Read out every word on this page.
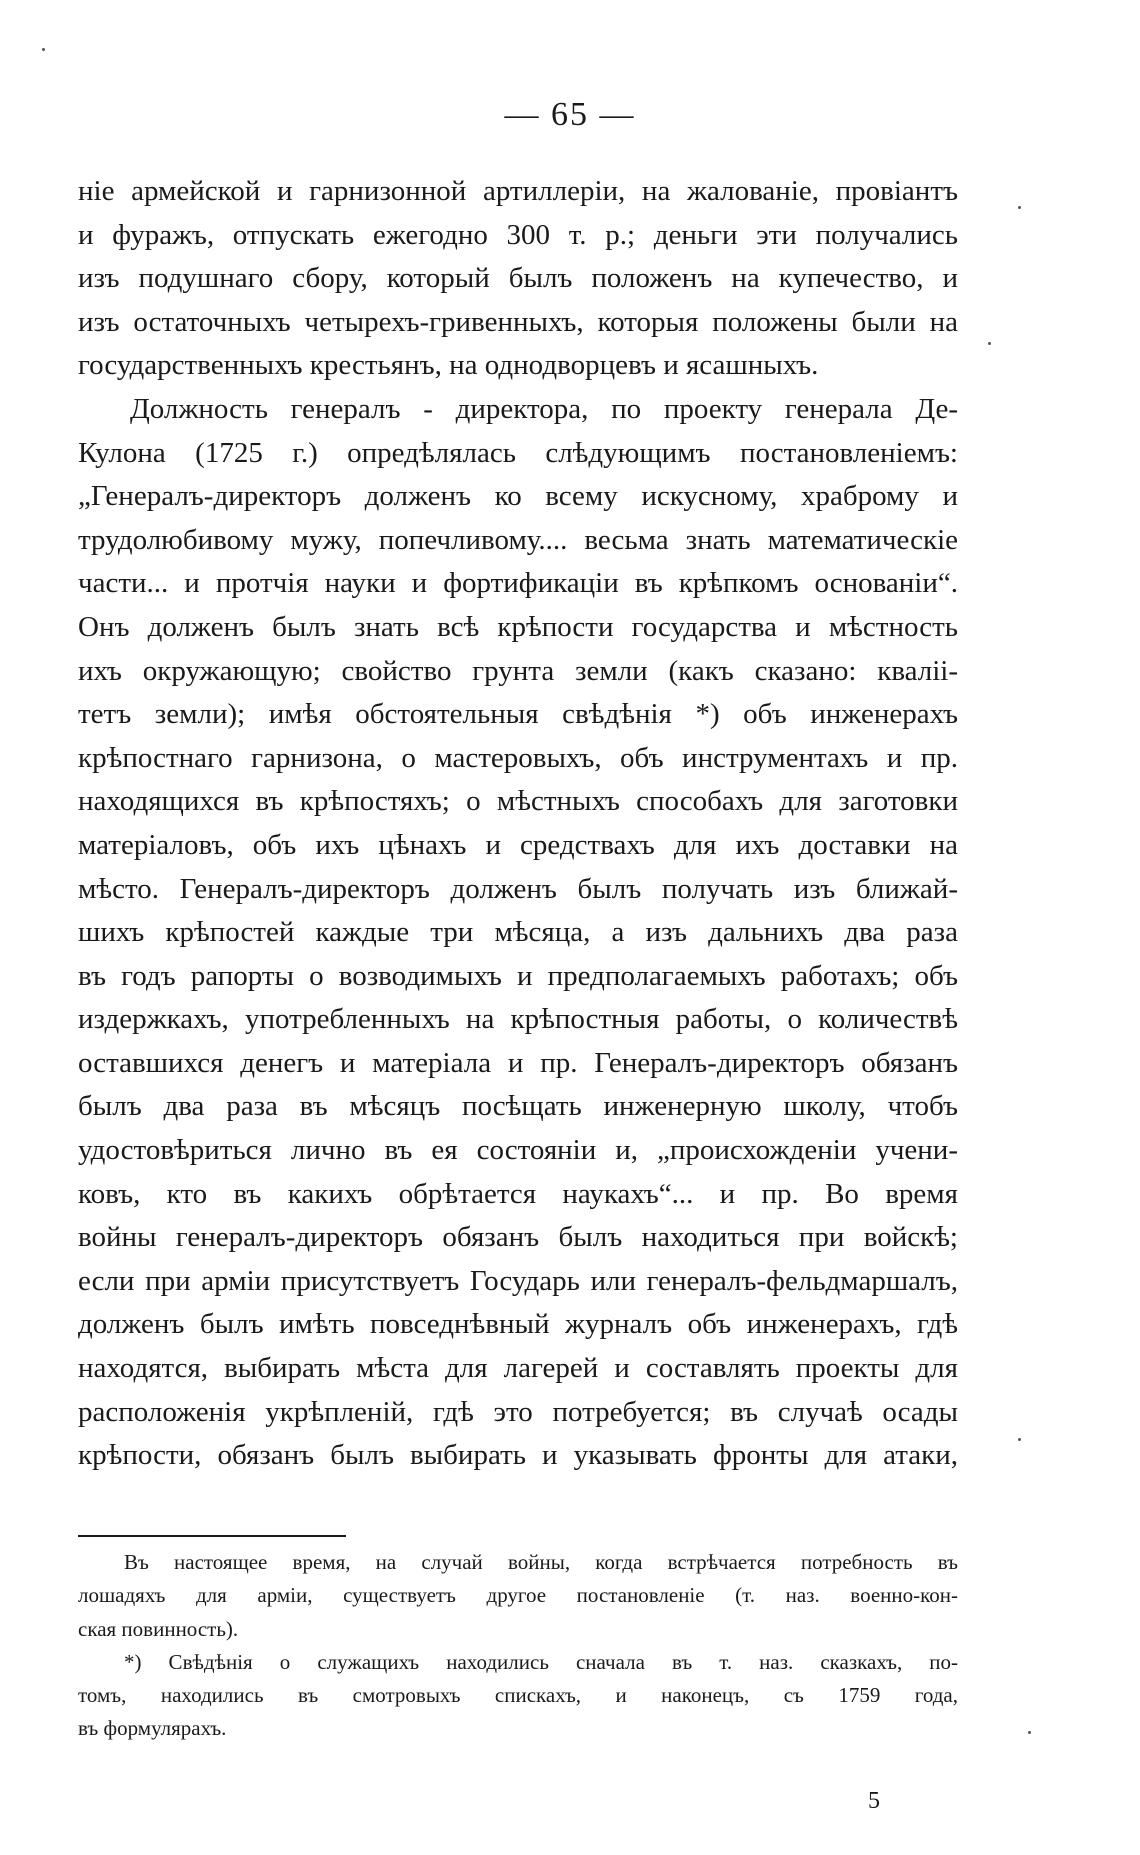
— 65 —
ніе армейской и гарнизонной артиллеріи, на жалованіе, провіантъ
и фуражъ, отпускать ежегодно 300 т. р.; деньги эти получались
изъ подушнаго сбору, который былъ положенъ на купечество, и
изъ остаточныхъ четырехъ-гривенныхъ, которыя положены были на
государственныхъ крестьянъ, на однодворцевъ и ясашныхъ.
Должность генералъ - директора, по проекту генерала Де-
Кулона (1725 г.) опредѣлялась слѣдующимъ постановленіемъ:
„Генералъ-директоръ долженъ ко всему искусному, храброму и
трудолюбивому мужу, попечливому.... весьма знать математическіе
части... и протчія науки и фортификаціи въ крѣпкомъ основаніи“.
Онъ долженъ былъ знать всѣ крѣпости государства и мѣстность
ихъ окружающую; свойство грунта земли (какъ сказано: кваліі-
тетъ земли); имѣя обстоятельныя свѣдѣнія *) объ инженерахъ
крѣпостнаго гарнизона, о мастеровыхъ, объ инструментахъ и пр.
находящихся въ крѣпостяхъ; о мѣстныхъ способахъ для заготовки
матеріаловъ, объ ихъ цѣнахъ и средствахъ для ихъ доставки на
мѣсто. Генералъ-директоръ долженъ былъ получать изъ ближай-
шихъ крѣпостей каждые три мѣсяца, а изъ дальнихъ два раза
въ годъ рапорты о возводимыхъ и предполагаемыхъ работахъ; объ
издержкахъ, употребленныхъ на крѣпостныя работы, о количествѣ
оставшихся денегъ и матеріала и пр. Генералъ-директоръ обязанъ
былъ два раза въ мѣсяцъ посѣщать инженерную школу, чтобъ
удостовѣриться лично въ ея состояніи и, „происхожденіи учени-
ковъ, кто въ какихъ обрѣтается наукахъ“... и пр. Во время
войны генералъ-директоръ обязанъ былъ находиться при войскѣ;
если при арміи присутствуетъ Государь или генералъ-фельдмаршалъ,
долженъ былъ имѣть повседнѣвный журналъ объ инженерахъ, гдѣ
находятся, выбирать мѣста для лагерей и составлять проекты для
расположенія укрѣпленій, гдѣ это потребуется; въ случаѣ осады
крѣпости, обязанъ былъ выбирать и указывать фронты для атаки,
Въ настоящее время, на случай войны, когда встрѣчается потребность въ
лошадяхъ для арміи, существуетъ другое постановленіе (т. наз. военно-кон-
ская повинность).
*) Свѣдѣнія о служащихъ находились сначала въ т. наз. сказкахъ, по-
томъ, находились въ смотровыхъ спискахъ, и наконецъ, съ 1759 года,
въ формулярахъ.
5
